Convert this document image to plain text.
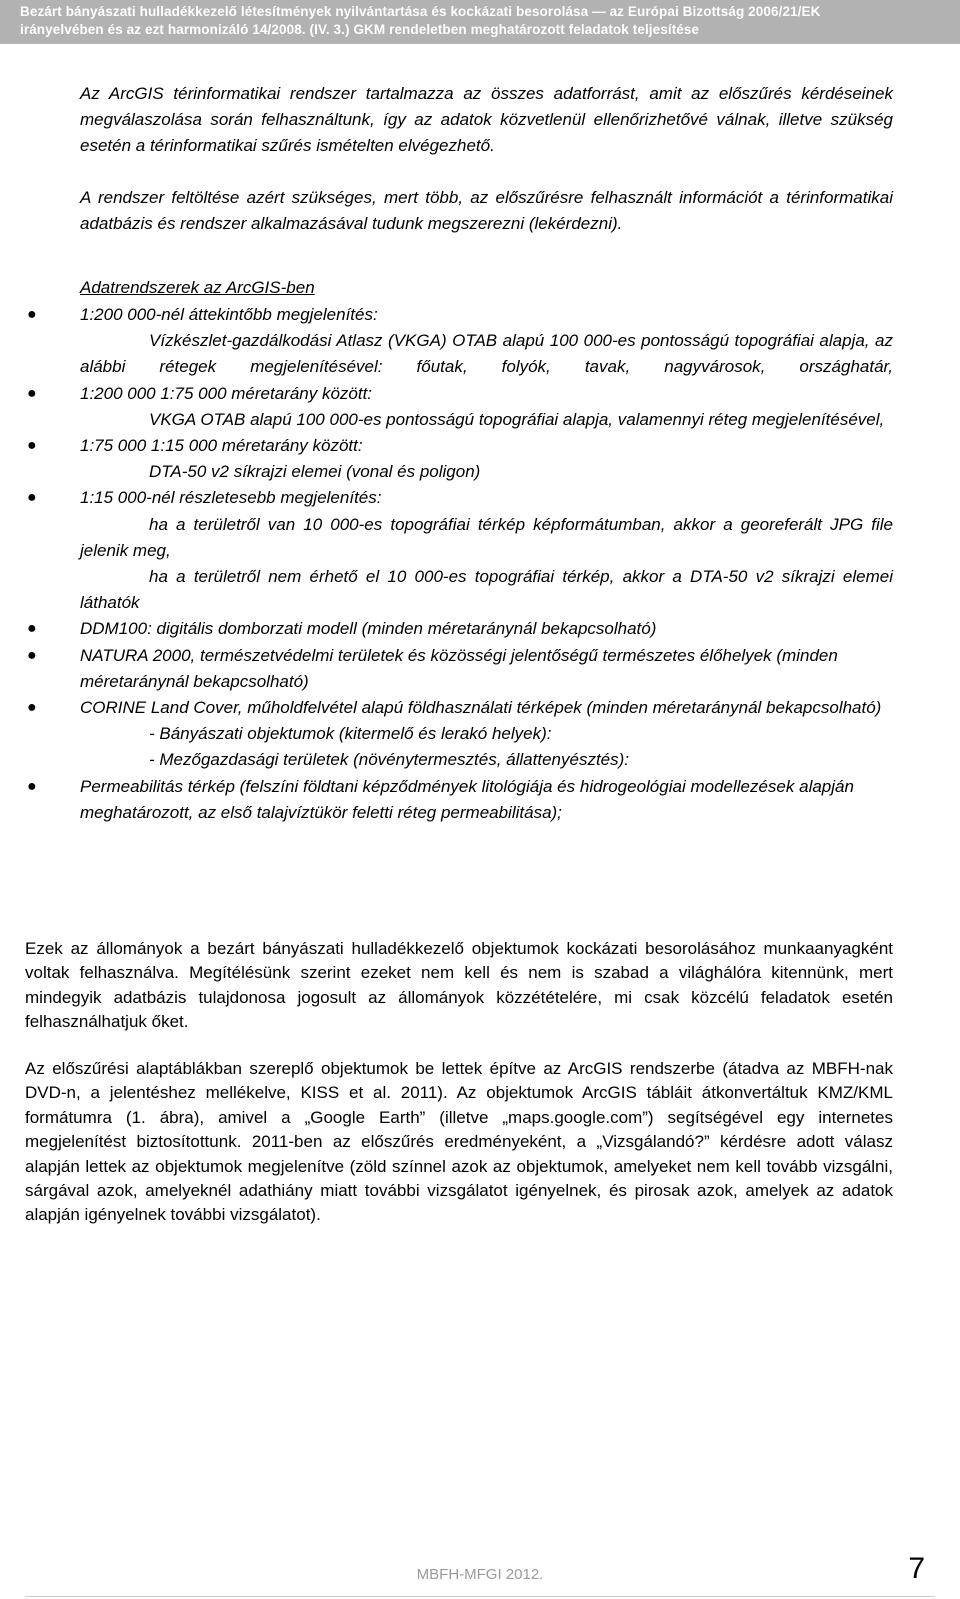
Bezárt bányászati hulladékkezelő létesítmények nyilvántartása és kockázati besorolása — az Európai Bizottság 2006/21/EK
irányelvében és az ezt harmonizáló 14/2008. (IV. 3.) GKM rendeletben meghatározott feladatok teljesítése

Az ArcGIS térinformatikai rendszer tartalmazza az összes adatforrást, amit az előszűrés kérdéseinek megválaszolása során felhasználtunk, így az adatok közvetlenül ellenőrizhetővé válnak, illetve szükség esetén a térinformatikai szűrés ismételten elvégezhető.

A rendszer feltöltése azért szükséges, mert több, az előszűrésre felhasznált információt a térinformatikai adatbázis és rendszer alkalmazásával tudunk megszerezni (lekérdezni).

Adatrendszerek az ArcGIS-ben

●	1:200 000-nél áttekintőbb megjelenítés:
Vízkészlet-gazdálkodási Atlasz (VKGA) OTAB alapú 100 000-es pontosságú topográfiai alapja, az alábbi rétegek megjelenítésével: főutak, folyók, tavak, nagyvárosok, országhatár,
●	1:200 000 1:75 000 méretarány között:
VKGA OTAB alapú 100 000-es pontosságú topográfiai alapja, valamennyi réteg megjelenítésével,
●	1:75 000 1:15 000 méretarány között:
DTA-50 v2 síkrajzi elemei (vonal és poligon)
●	1:15 000-nél részletesebb megjelenítés:
ha a területről van 10 000-es topográfiai térkép képformátumban, akkor a georeferált JPG file jelenik meg,
ha a területről nem érhető el 10 000-es topográfiai térkép, akkor a DTA-50 v2 síkrajzi elemei láthatók
●	DDM100: digitális domborzati modell (minden méretaránynál bekapcsolható)
●	NATURA 2000, természetvédelmi területek és közösségi jelentőségű természetes élőhelyek (minden méretaránynál bekapcsolható)
●	CORINE Land Cover, műholdfelvétel alapú földhasználati térképek (minden méretaránynál bekapcsolható)
- Bányászati objektumok (kitermelő és lerakó helyek):
- Mezőgazdasági területek (növénytermesztés, állattenyésztés):
●	Permeabilitás térkép (felszíni földtani képződmények litológiája és hidrogeológiai modellezések alapján meghatározott, az első talajvíztükör feletti réteg permeabilitása);

Ezek az állományok a bezárt bányászati hulladékkezelő objektumok kockázati besorolásához munkaanyagként voltak felhasználva. Megítélésünk szerint ezeket nem kell és nem is szabad a világhálóra kitennünk, mert mindegyik adatbázis tulajdonosa jogosult az állományok közzétételére, mi csak közcélú feladatok esetén felhasználhatjuk őket.

Az előszűrési alaptáblákban szereplő objektumok be lettek építve az ArcGIS rendszerbe (átadva az MBFH-nak DVD-n, a jelentéshez mellékelve, KISS et al. 2011). Az objektumok ArcGIS tábláit átkonvertáltuk KMZ/KML formátumra (1. ábra), amivel a „Google Earth” (illetve „maps.google.com”) segítségével egy internetes megjelenítést biztosítottunk. 2011-ben az előszűrés eredményeként, a „Vizsgálandó?” kérdésre adott válasz alapján lettek az objektumok megjelenítve (zöld színnel azok az objektumok, amelyeket nem kell tovább vizsgálni, sárgával azok, amelyeknél adathiány miatt további vizsgálatot igényelnek, és pirosak azok, amelyek az adatok alapján igényelnek további vizsgálatot).

MBFH-MFGI 2012.	7
